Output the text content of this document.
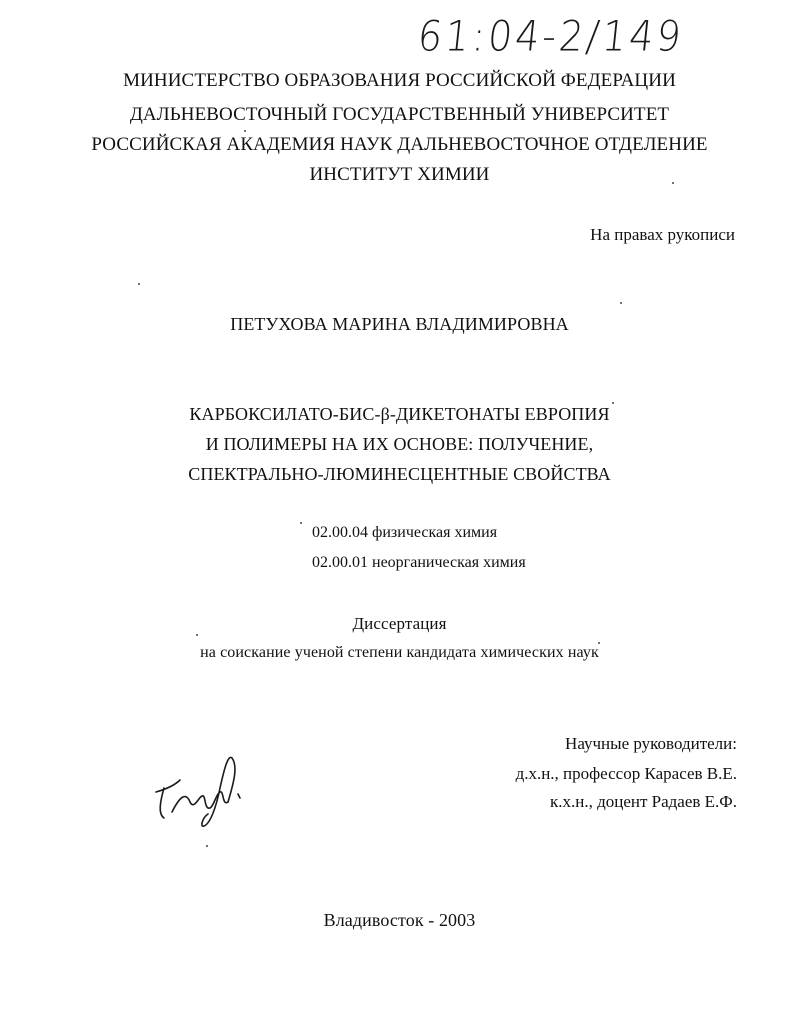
61:04-2/149
МИНИСТЕРСТВО ОБРАЗОВАНИЯ РОССИЙСКОЙ ФЕДЕРАЦИИ
ДАЛЬНЕВОСТОЧНЫЙ ГОСУДАРСТВЕННЫЙ УНИВЕРСИТЕТ
РОССИЙСКАЯ АКАДЕМИЯ НАУК ДАЛЬНЕВОСТОЧНОЕ ОТДЕЛЕНИЕ
ИНСТИТУТ ХИМИИ
На правах рукописи
ПЕТУХОВА МАРИНА ВЛАДИМИРОВНА
КАРБОКСИЛАТО-БИС-β-ДИКЕТОНАТЫ ЕВРОПИЯ
И ПОЛИМЕРЫ НА ИХ ОСНОВЕ: ПОЛУЧЕНИЕ,
СПЕКТРАЛЬНО-ЛЮМИНЕСЦЕНТНЫЕ СВОЙСТВА
02.00.04 физическая химия
02.00.01 неорганическая химия
Диссертация
на соискание ученой степени кандидата химических наук
Научные руководители:
д.х.н., профессор Карасев В.Е.
к.х.н., доцент Радаев Е.Ф.
Владивосток - 2003
